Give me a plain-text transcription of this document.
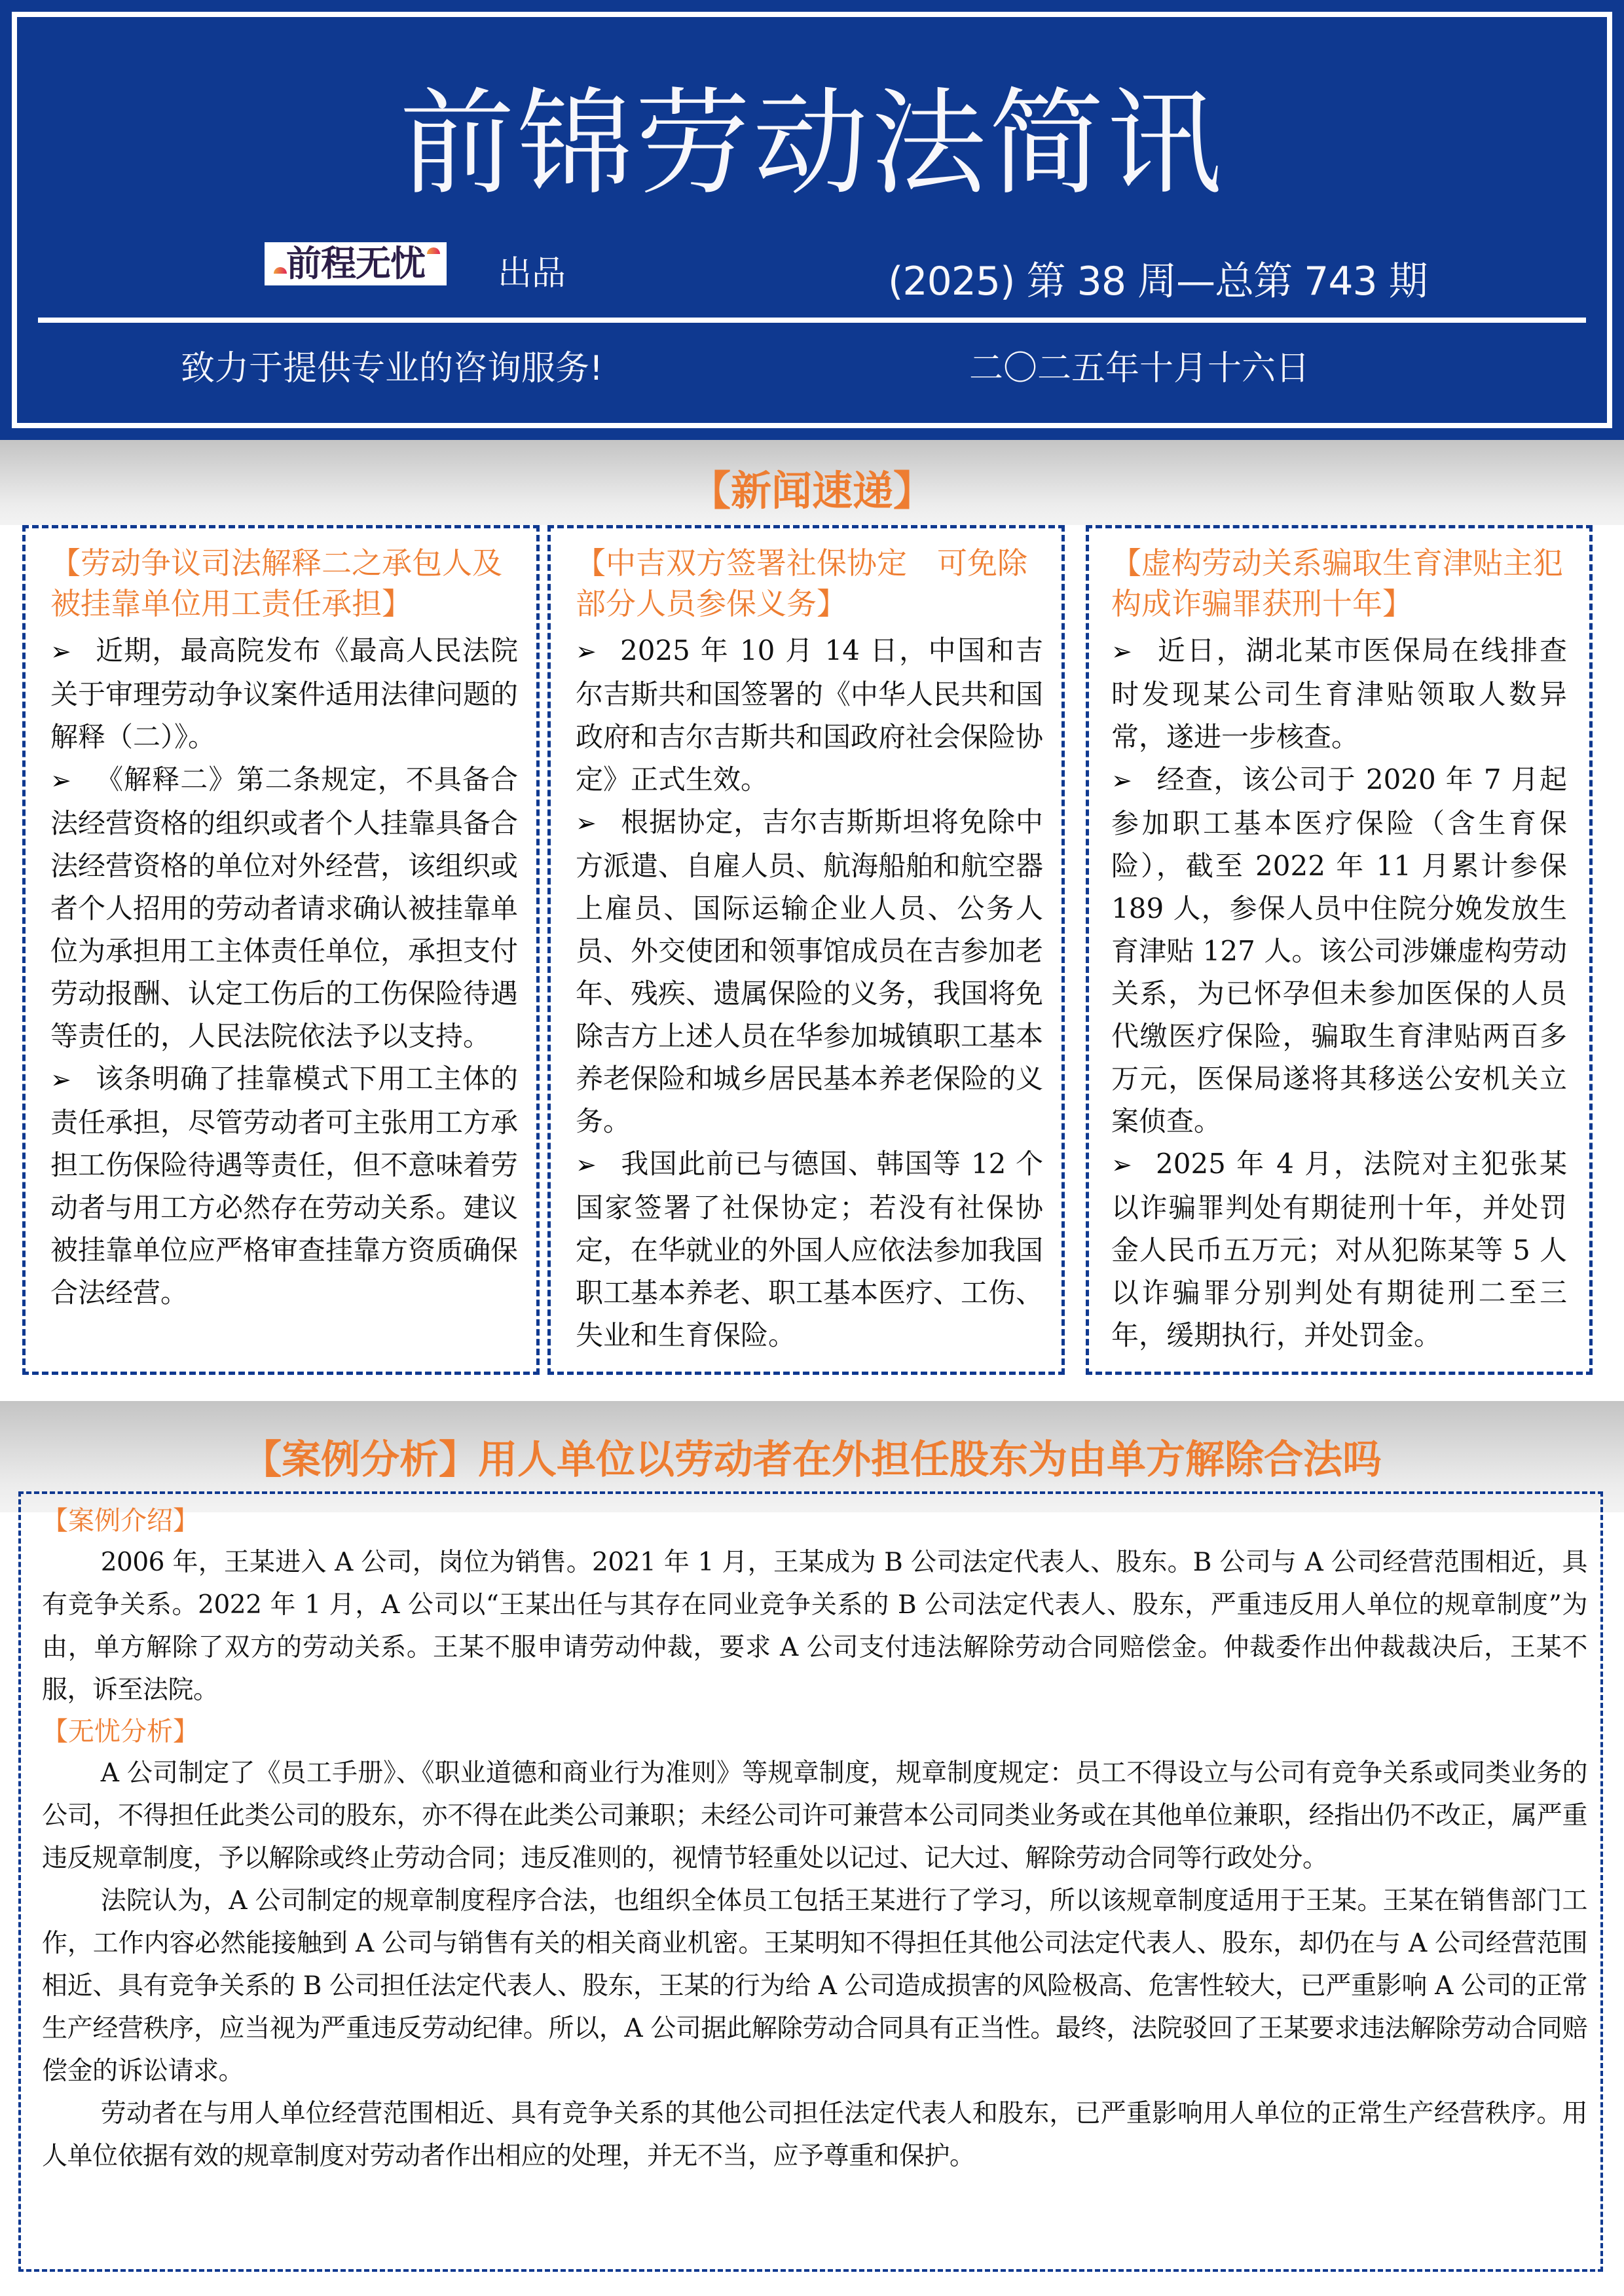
前锦劳动法简讯
前程无忧 出品	(2025) 第 38 周—总第 743 期
致力于提供专业的咨询服务!	二〇二五年十月十六日
【新闻速递】

【劳动争议司法解释二之承包人及被挂靠单位用工责任承担】

➢ 近期，最高院发布《最高人民法院关于审理劳动争议案件适用法律问题的解释（二）》。

➢ 《解释二》第二条规定，不具备合法经营资格的组织或者个人挂靠具备合法经营资格的单位对外经营，该组织或者个人招用的劳动者请求确认被挂靠单位为承担用工主体责任单位，承担支付劳动报酬、认定工伤后的工伤保险待遇等责任的，人民法院依法予以支持。

➢ 该条明确了挂靠模式下用工主体的责任承担，尽管劳动者可主张用工方承担工伤保险待遇等责任，但不意味着劳动者与用工方必然存在劳动关系。建议被挂靠单位应严格审查挂靠方资质确保合法经营。

【中吉双方签署社保协定　可免除部分人员参保义务】

➢ 2025 年 10 月 14 日，中国和吉尔吉斯共和国签署的《中华人民共和国政府和吉尔吉斯共和国政府社会保险协定》正式生效。

➢ 根据协定，吉尔吉斯斯坦将免除中方派遣、自雇人员、航海船舶和航空器上雇员、国际运输企业人员、公务人员、外交使团和领事馆成员在吉参加老年、残疾、遗属保险的义务，我国将免除吉方上述人员在华参加城镇职工基本养老保险和城乡居民基本养老保险的义务。

➢ 我国此前已与德国、韩国等 12 个国家签署了社保协定；若没有社保协定，在华就业的外国人应依法参加我国职工基本养老、职工基本医疗、工伤、失业和生育保险。

【虚构劳动关系骗取生育津贴主犯构成诈骗罪获刑十年】

➢ 近日，湖北某市医保局在线排查时发现某公司生育津贴领取人数异常，遂进一步核查。

➢ 经查，该公司于 2020 年 7 月起参加职工基本医疗保险（含生育保险），截至 2022 年 11 月累计参保 189 人，参保人员中住院分娩发放生育津贴 127 人。该公司涉嫌虚构劳动关系，为已怀孕但未参加医保的人员代缴医疗保险，骗取生育津贴两百多万元，医保局遂将其移送公安机关立案侦查。

➢ 2025 年 4 月，法院对主犯张某以诈骗罪判处有期徒刑十年，并处罚金人民币五万元；对从犯陈某等 5 人以诈骗罪分别判处有期徒刑二至三年，缓期执行，并处罚金。

【案例分析】用人单位以劳动者在外担任股东为由单方解除合法吗

【案例介绍】

2006 年，王某进入 A 公司，岗位为销售。2021 年 1 月，王某成为 B 公司法定代表人、股东。B 公司与 A 公司经营范围相近，具有竞争关系。2022 年 1 月，A 公司以“王某出任与其存在同业竞争关系的 B 公司法定代表人、股东，严重违反用人单位的规章制度”为由，单方解除了双方的劳动关系。王某不服申请劳动仲裁，要求 A 公司支付违法解除劳动合同赔偿金。仲裁委作出仲裁裁决后，王某不服，诉至法院。

【无忧分析】

A 公司制定了《员工手册》、《职业道德和商业行为准则》等规章制度，规章制度规定：员工不得设立与公司有竞争关系或同类业务的公司，不得担任此类公司的股东，亦不得在此类公司兼职；未经公司许可兼营本公司同类业务或在其他单位兼职，经指出仍不改正，属严重违反规章制度，予以解除或终止劳动合同；违反准则的，视情节轻重处以记过、记大过、解除劳动合同等行政处分。

法院认为，A 公司制定的规章制度程序合法，也组织全体员工包括王某进行了学习，所以该规章制度适用于王某。王某在销售部门工作，工作内容必然能接触到 A 公司与销售有关的相关商业机密。王某明知不得担任其他公司法定代表人、股东，却仍在与 A 公司经营范围相近、具有竞争关系的 B 公司担任法定代表人、股东，王某的行为给 A 公司造成损害的风险极高、危害性较大，已严重影响 A 公司的正常生产经营秩序，应当视为严重违反劳动纪律。所以，A 公司据此解除劳动合同具有正当性。最终，法院驳回了王某要求违法解除劳动合同赔偿金的诉讼请求。

劳动者在与用人单位经营范围相近、具有竞争关系的其他公司担任法定代表人和股东，已严重影响用人单位的正常生产经营秩序。用人单位依据有效的规章制度对劳动者作出相应的处理，并无不当，应予尊重和保护。
